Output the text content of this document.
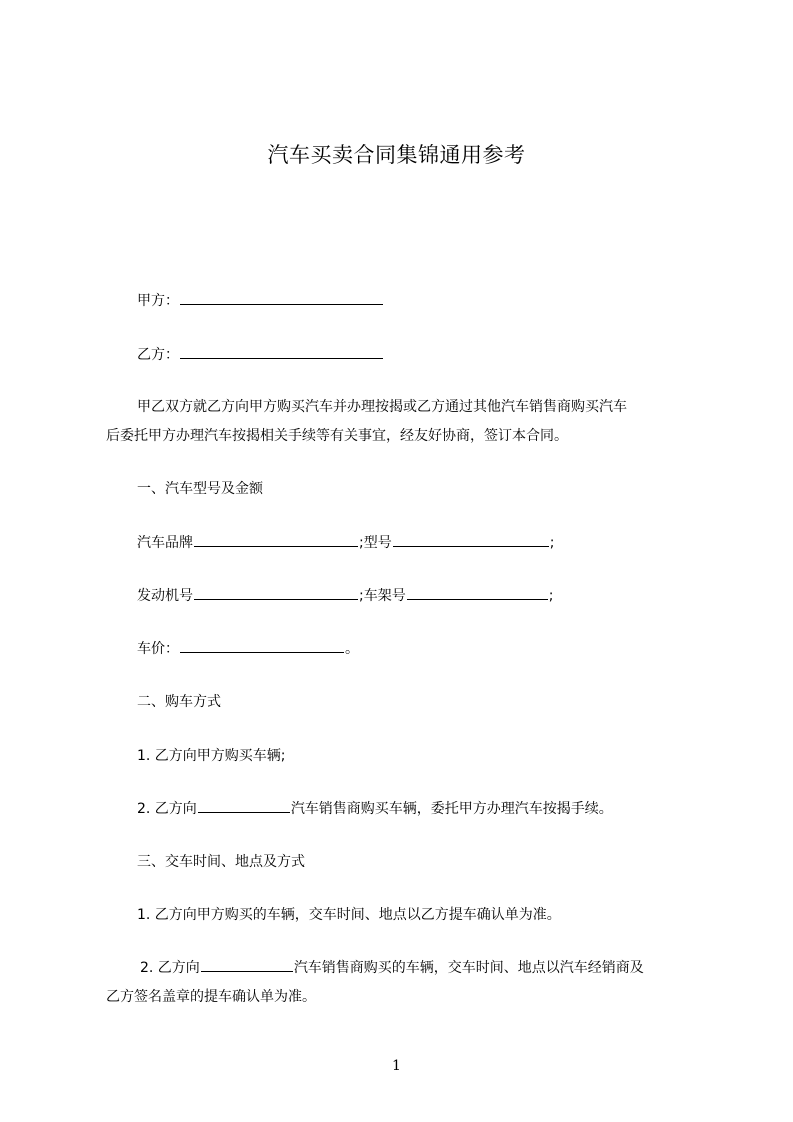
汽车买卖合同集锦通用参考
甲方：
乙方：
甲乙双方就乙方向甲方购买汽车并办理按揭或乙方通过其他汽车销售商购买汽车
后委托甲方办理汽车按揭相关手续等有关事宜，经友好协商，签订本合同。
一、汽车型号及金额
汽车品牌	;型号	;
发动机号	;车架号	;
车价：	。
二、购车方式
1. 乙方向甲方购买车辆;
2. 乙方向	汽车销售商购买车辆，委托甲方办理汽车按揭手续。
三、交车时间、地点及方式
1. 乙方向甲方购买的车辆，交车时间、地点以乙方提车确认单为准。
2. 乙方向	汽车销售商购买的车辆，交车时间、地点以汽车经销商及
乙方签名盖章的提车确认单为准。
1
